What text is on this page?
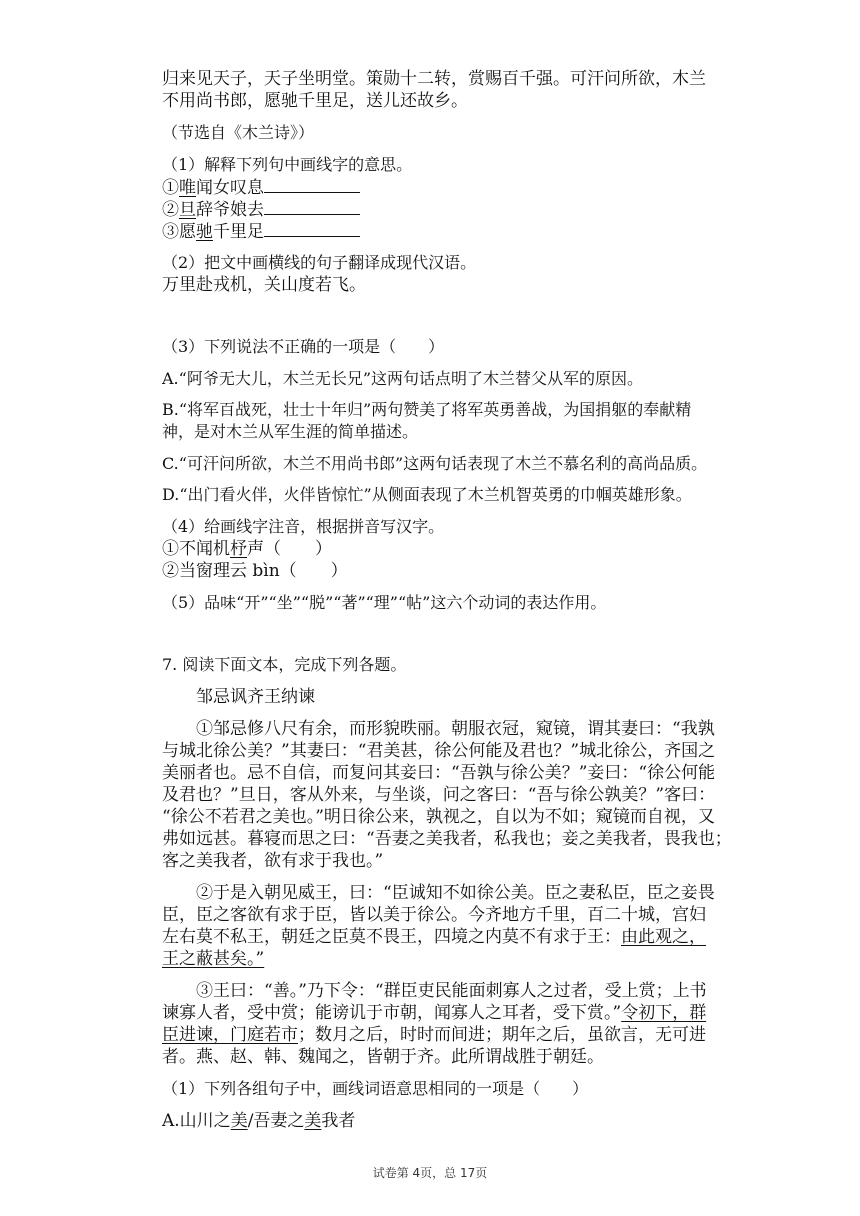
归来见天子，天子坐明堂。策勋十二转，赏赐百千强。可汗问所欲，木兰
不用尚书郎，愿驰千里足，送儿还故乡。
（节选自《木兰诗》）
（1）解释下列句中画线字的意思。
①唯闻女叹息
②旦辞爷娘去
③愿驰千里足
（2）把文中画横线的句子翻译成现代汉语。
万里赴戎机，关山度若飞。
（3）下列说法不正确的一项是（　　）
A.“阿爷无大儿，木兰无长兄”这两句话点明了木兰替父从军的原因。
B.“将军百战死，壮士十年归”两句赞美了将军英勇善战，为国捐躯的奉献精
神，是对木兰从军生涯的简单描述。
C.“可汗问所欲，木兰不用尚书郎”这两句话表现了木兰不慕名利的高尚品质。
D.“出门看火伴，火伴皆惊忙”从侧面表现了木兰机智英勇的巾帼英雄形象。
（4）给画线字注音，根据拼音写汉字。
①不闻机杼声（　　）
②当窗理云 bìn（　　）
（5）品味“开”“坐”“脱”“著”“理”“帖”这六个动词的表达作用。
7. 阅读下面文本，完成下列各题。
邹忌讽齐王纳谏
①邹忌修八尺有余，而形貌昳丽。朝服衣冠，窥镜，谓其妻曰：“我孰
与城北徐公美？”其妻曰：“君美甚，徐公何能及君也？”城北徐公，齐国之
美丽者也。忌不自信，而复问其妾曰：“吾孰与徐公美？”妾曰：“徐公何能
及君也？”旦日，客从外来，与坐谈，问之客曰：“吾与徐公孰美？”客曰：
“徐公不若君之美也。”明日徐公来，孰视之，自以为不如；窥镜而自视，又
弗如远甚。暮寝而思之曰：“吾妻之美我者，私我也；妾之美我者，畏我也；
客之美我者，欲有求于我也。”
②于是入朝见威王，曰：“臣诚知不如徐公美。臣之妻私臣，臣之妾畏
臣，臣之客欲有求于臣，皆以美于徐公。今齐地方千里，百二十城，宫妇
左右莫不私王，朝廷之臣莫不畏王，四境之内莫不有求于王：由此观之，
王之蔽甚矣。”
③王曰：“善。”乃下令：“群臣吏民能面刺寡人之过者，受上赏；上书
谏寡人者，受中赏；能谤讥于市朝，闻寡人之耳者，受下赏。”令初下，群
臣进谏，门庭若市；数月之后，时时而间进；期年之后，虽欲言，无可进
者。燕、赵、韩、魏闻之，皆朝于齐。此所谓战胜于朝廷。
（1）下列各组句子中，画线词语意思相同的一项是（　　）
A.山川之美/吾妻之美我者
试卷第 4页，总 17页
